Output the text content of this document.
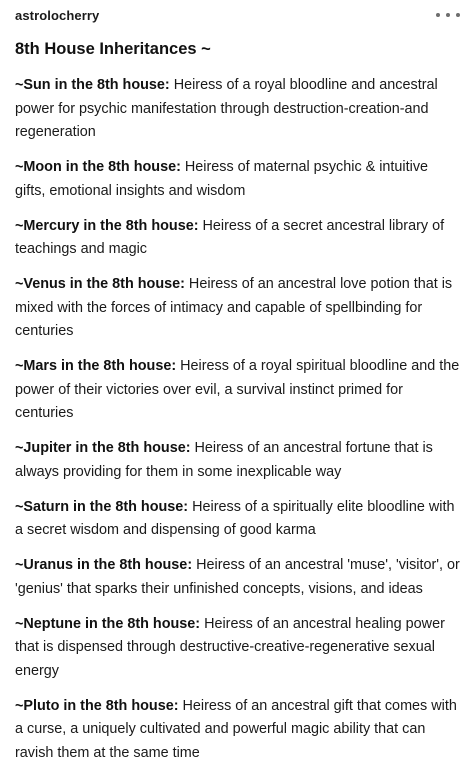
astrolocherry
8th House Inheritances ~

~Sun in the 8th house: Heiress of a royal bloodline and ancestral power for psychic manifestation through destruction-creation-and regeneration

~Moon in the 8th house: Heiress of maternal psychic & intuitive gifts, emotional insights and wisdom

~Mercury in the 8th house: Heiress of a secret ancestral library of teachings and magic

~Venus in the 8th house: Heiress of an ancestral love potion that is mixed with the forces of intimacy and capable of spellbinding for centuries

~Mars in the 8th house: Heiress of a royal spiritual bloodline and the power of their victories over evil, a survival instinct primed for centuries

~Jupiter in the 8th house: Heiress of an ancestral fortune that is always providing for them in some inexplicable way

~Saturn in the 8th house: Heiress of a spiritually elite bloodline with a secret wisdom and dispensing of good karma

~Uranus in the 8th house: Heiress of an ancestral 'muse', 'visitor', or 'genius' that sparks their unfinished concepts, visions, and ideas

~Neptune in the 8th house: Heiress of an ancestral healing power that is dispensed through destructive-creative-regenerative sexual energy

~Pluto in the 8th house: Heiress of an ancestral gift that comes with a curse, a uniquely cultivated and powerful magic ability that can ravish them at the same time
